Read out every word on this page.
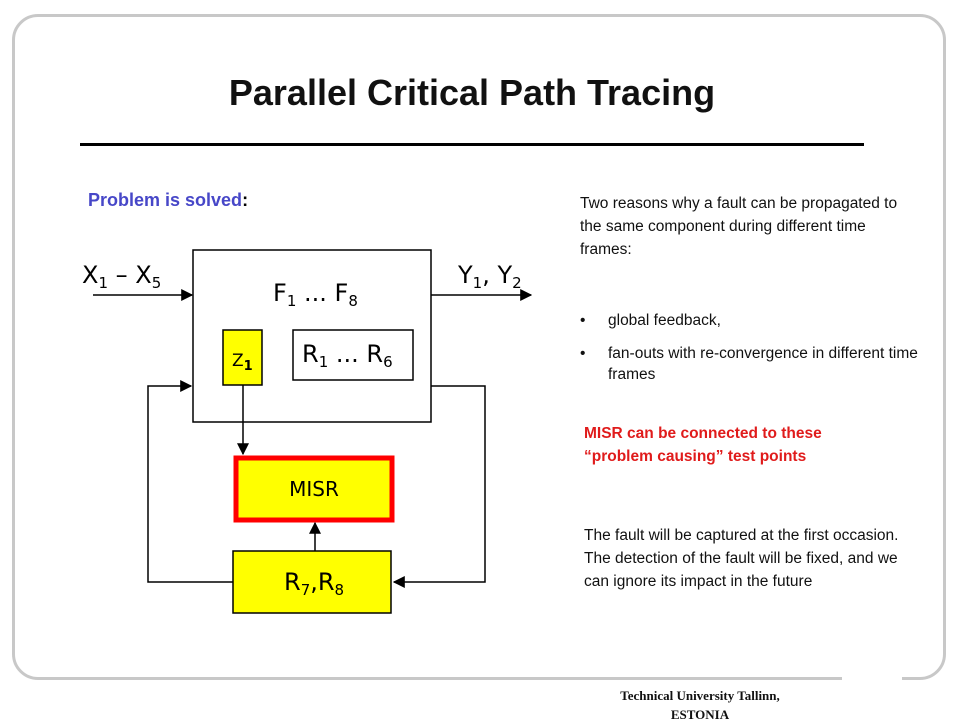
Parallel Critical Path Tracing
Problem is solved:
$X_1 - X_5$	$Y_1$, $Y_2$
$F_1$ ... $F_8$
$Z_1$ $R_1$ ... $R_6$
MISR
$R_7,R_8$
Two reasons why a fault can be propagated to the same component during different time frames:
• global feedback,
• fan-outs with re-convergence in different time frames
MISR can be connected to these “problem causing” test points
The fault will be captured at the first occasion. The detection of the fault will be fixed, and we can ignore its impact in the future
Technical University Tallinn,
ESTONIA
